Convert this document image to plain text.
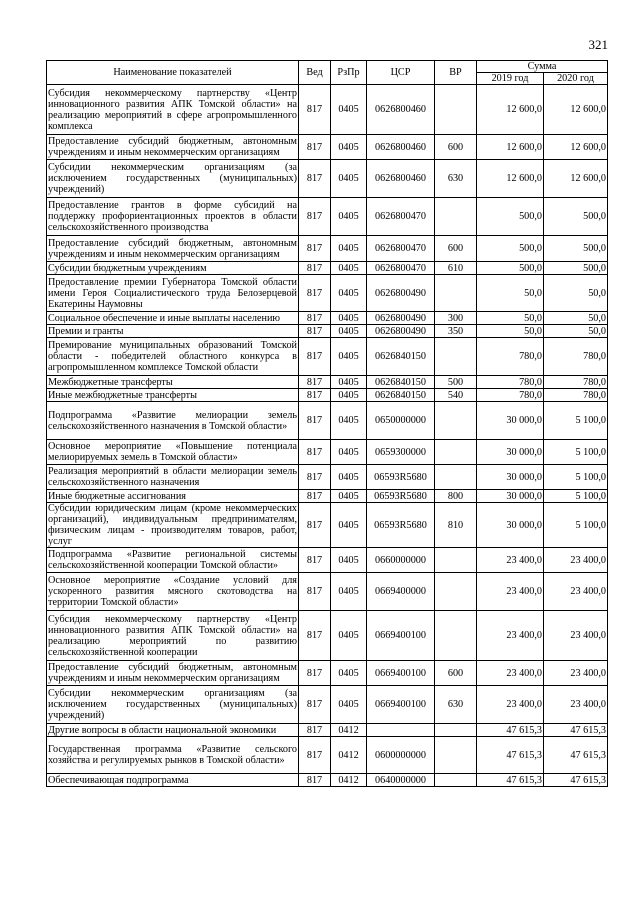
321
Наименование показателей	Вед	РзПр	ЦСР	ВР	Сумма	
					2019 год	2020 год
Субсидия некоммерческому партнерству «Центр инновационного развития АПК Томской области» на реализацию мероприятий в сфере агропромышленного комплекса	817	0405	0626800460		12 600,0	12 600,0
Предоставление субсидий бюджетным, автономным учреждениям и иным некоммерческим организациям	817	0405	0626800460	600	12 600,0	12 600,0
Субсидии некоммерческим организациям (за исключением государственных (муниципальных) учреждений)	817	0405	0626800460	630	12 600,0	12 600,0
Предоставление грантов в форме субсидий на поддержку профориентационных проектов в области сельскохозяйственного производства	817	0405	0626800470		500,0	500,0
Предоставление субсидий бюджетным, автономным учреждениям и иным некоммерческим организациям	817	0405	0626800470	600	500,0	500,0
Субсидии бюджетным учреждениям	817	0405	0626800470	610	500,0	500,0
Предоставление премии Губернатора Томской области имени Героя Социалистического труда Белозерцевой Екатерины Наумовны	817	0405	0626800490		50,0	50,0
Социальное обеспечение и иные выплаты населению	817	0405	0626800490	300	50,0	50,0
Премии и гранты	817	0405	0626800490	350	50,0	50,0
Премирование муниципальных образований Томской области - победителей областного конкурса в агропромышленном комплексе Томской области	817	0405	0626840150		780,0	780,0
Межбюджетные трансферты	817	0405	0626840150	500	780,0	780,0
Иные межбюджетные трансферты	817	0405	0626840150	540	780,0	780,0
Подпрограмма «Развитие мелиорации земель сельскохозяйственного назначения в Томской области»	817	0405	0650000000		30 000,0	5 100,0
Основное мероприятие «Повышение потенциала мелиорируемых земель в Томской области»	817	0405	0659300000		30 000,0	5 100,0
Реализация мероприятий в области мелиорации земель сельскохозяйственного назначения	817	0405	06593R5680		30 000,0	5 100,0
Иные бюджетные ассигнования	817	0405	06593R5680	800	30 000,0	5 100,0
Субсидии юридическим лицам (кроме некоммерческих организаций), индивидуальным предпринимателям, физическим лицам - производителям товаров, работ, услуг	817	0405	06593R5680	810	30 000,0	5 100,0
Подпрограмма «Развитие региональной системы сельскохозяйственной кооперации Томской области»	817	0405	0660000000		23 400,0	23 400,0
Основное мероприятие «Создание условий для ускоренного развития мясного скотоводства на территории Томской области»	817	0405	0669400000		23 400,0	23 400,0
Субсидия некоммерческому партнерству «Центр инновационного развития АПК Томской области» на реализацию мероприятий по развитию сельскохозяйственной кооперации	817	0405	0669400100		23 400,0	23 400,0
Предоставление субсидий бюджетным, автономным учреждениям и иным некоммерческим организациям	817	0405	0669400100	600	23 400,0	23 400,0
Субсидии некоммерческим организациям (за исключением государственных (муниципальных) учреждений)	817	0405	0669400100	630	23 400,0	23 400,0
Другие вопросы в области национальной экономики	817	0412			47 615,3	47 615,3
Государственная программа «Развитие сельского хозяйства и регулируемых рынков в Томской области»	817	0412	0600000000		47 615,3	47 615,3
Обеспечивающая подпрограмма	817	0412	0640000000		47 615,3	47 615,3
